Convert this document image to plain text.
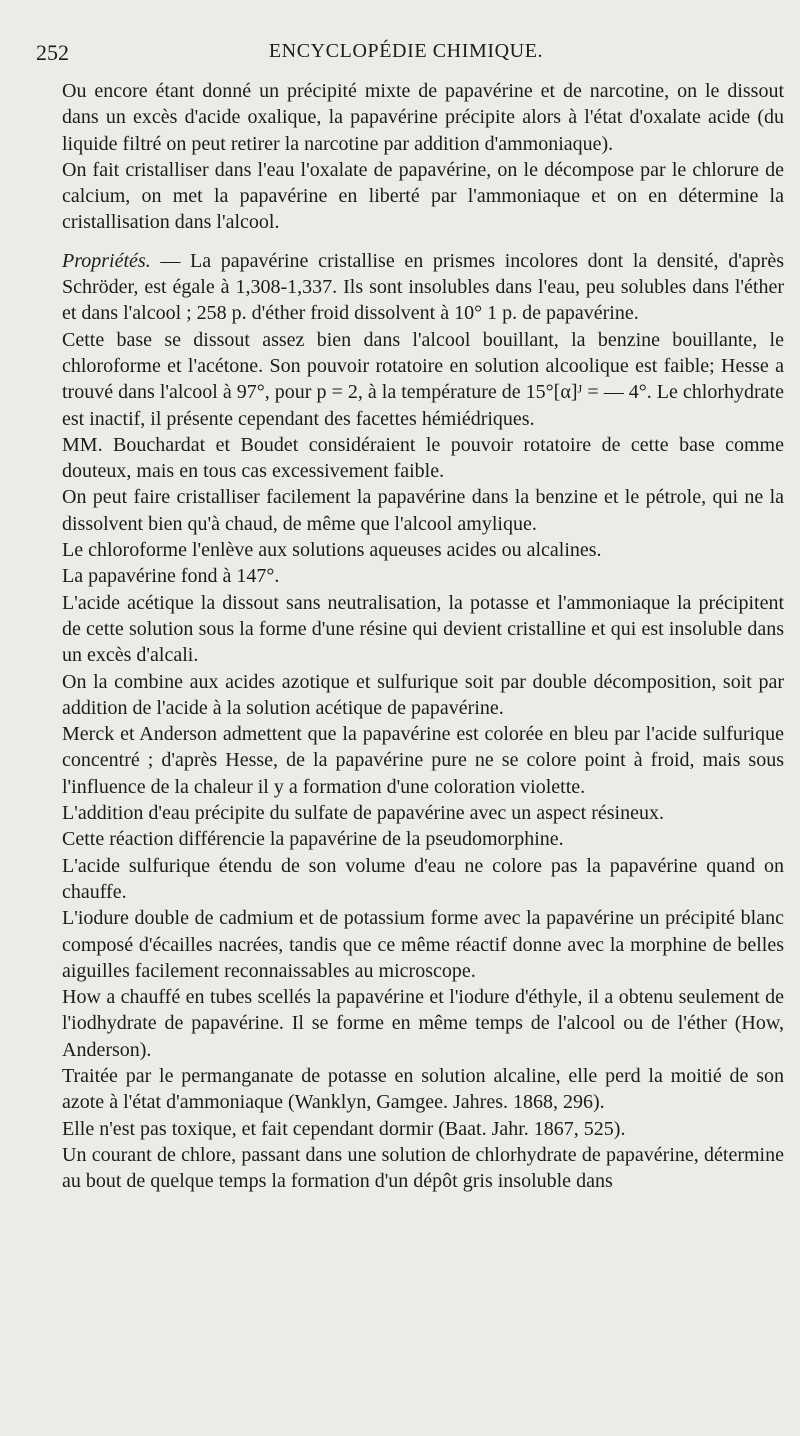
252	ENCYCLOPÉDIE CHIMIQUE.

Ou encore étant donné un précipité mixte de papavérine et de narcotine, on le dissout dans un excès d'acide oxalique, la papavérine précipite alors à l'état d'oxalate acide (du liquide filtré on peut retirer la narcotine par addition d'ammoniaque).

On fait cristalliser dans l'eau l'oxalate de papavérine, on le décompose par le chlorure de calcium, on met la papavérine en liberté par l'ammoniaque et on en détermine la cristallisation dans l'alcool.

Propriétés. — La papavérine cristallise en prismes incolores dont la densité, d'après Schröder, est égale à 1,308-1,337. Ils sont insolubles dans l'eau, peu solubles dans l'éther et dans l'alcool ; 258 p. d'éther froid dissolvent à 10° 1 p. de papavérine.

Cette base se dissout assez bien dans l'alcool bouillant, la benzine bouillante, le chloroforme et l'acétone. Son pouvoir rotatoire en solution alcoolique est faible; Hesse a trouvé dans l'alcool à 97°, pour p = 2, à la température de 15°[α]ᴶ = — 4°. Le chlorhydrate est inactif, il présente cependant des facettes hémiédriques.

MM. Bouchardat et Boudet considéraient le pouvoir rotatoire de cette base comme douteux, mais en tous cas excessivement faible.

On peut faire cristalliser facilement la papavérine dans la benzine et le pétrole, qui ne la dissolvent bien qu'à chaud, de même que l'alcool amylique.

Le chloroforme l'enlève aux solutions aqueuses acides ou alcalines.

La papavérine fond à 147°.

L'acide acétique la dissout sans neutralisation, la potasse et l'ammoniaque la précipitent de cette solution sous la forme d'une résine qui devient cristalline et qui est insoluble dans un excès d'alcali.

On la combine aux acides azotique et sulfurique soit par double décomposition, soit par addition de l'acide à la solution acétique de papavérine.

Merck et Anderson admettent que la papavérine est colorée en bleu par l'acide sulfurique concentré ; d'après Hesse, de la papavérine pure ne se colore point à froid, mais sous l'influence de la chaleur il y a formation d'une coloration violette.

L'addition d'eau précipite du sulfate de papavérine avec un aspect résineux.

Cette réaction différencie la papavérine de la pseudomorphine.

L'acide sulfurique étendu de son volume d'eau ne colore pas la papavérine quand on chauffe.

L'iodure double de cadmium et de potassium forme avec la papavérine un précipité blanc composé d'écailles nacrées, tandis que ce même réactif donne avec la morphine de belles aiguilles facilement reconnaissables au microscope.

How a chauffé en tubes scellés la papavérine et l'iodure d'éthyle, il a obtenu seulement de l'iodhydrate de papavérine. Il se forme en même temps de l'alcool ou de l'éther (How, Anderson).

Traitée par le permanganate de potasse en solution alcaline, elle perd la moitié de son azote à l'état d'ammoniaque (Wanklyn, Gamgee. Jahres. 1868, 296).

Elle n'est pas toxique, et fait cependant dormir (Baat. Jahr. 1867, 525).

Un courant de chlore, passant dans une solution de chlorhydrate de papavérine, détermine au bout de quelque temps la formation d'un dépôt gris insoluble dans
